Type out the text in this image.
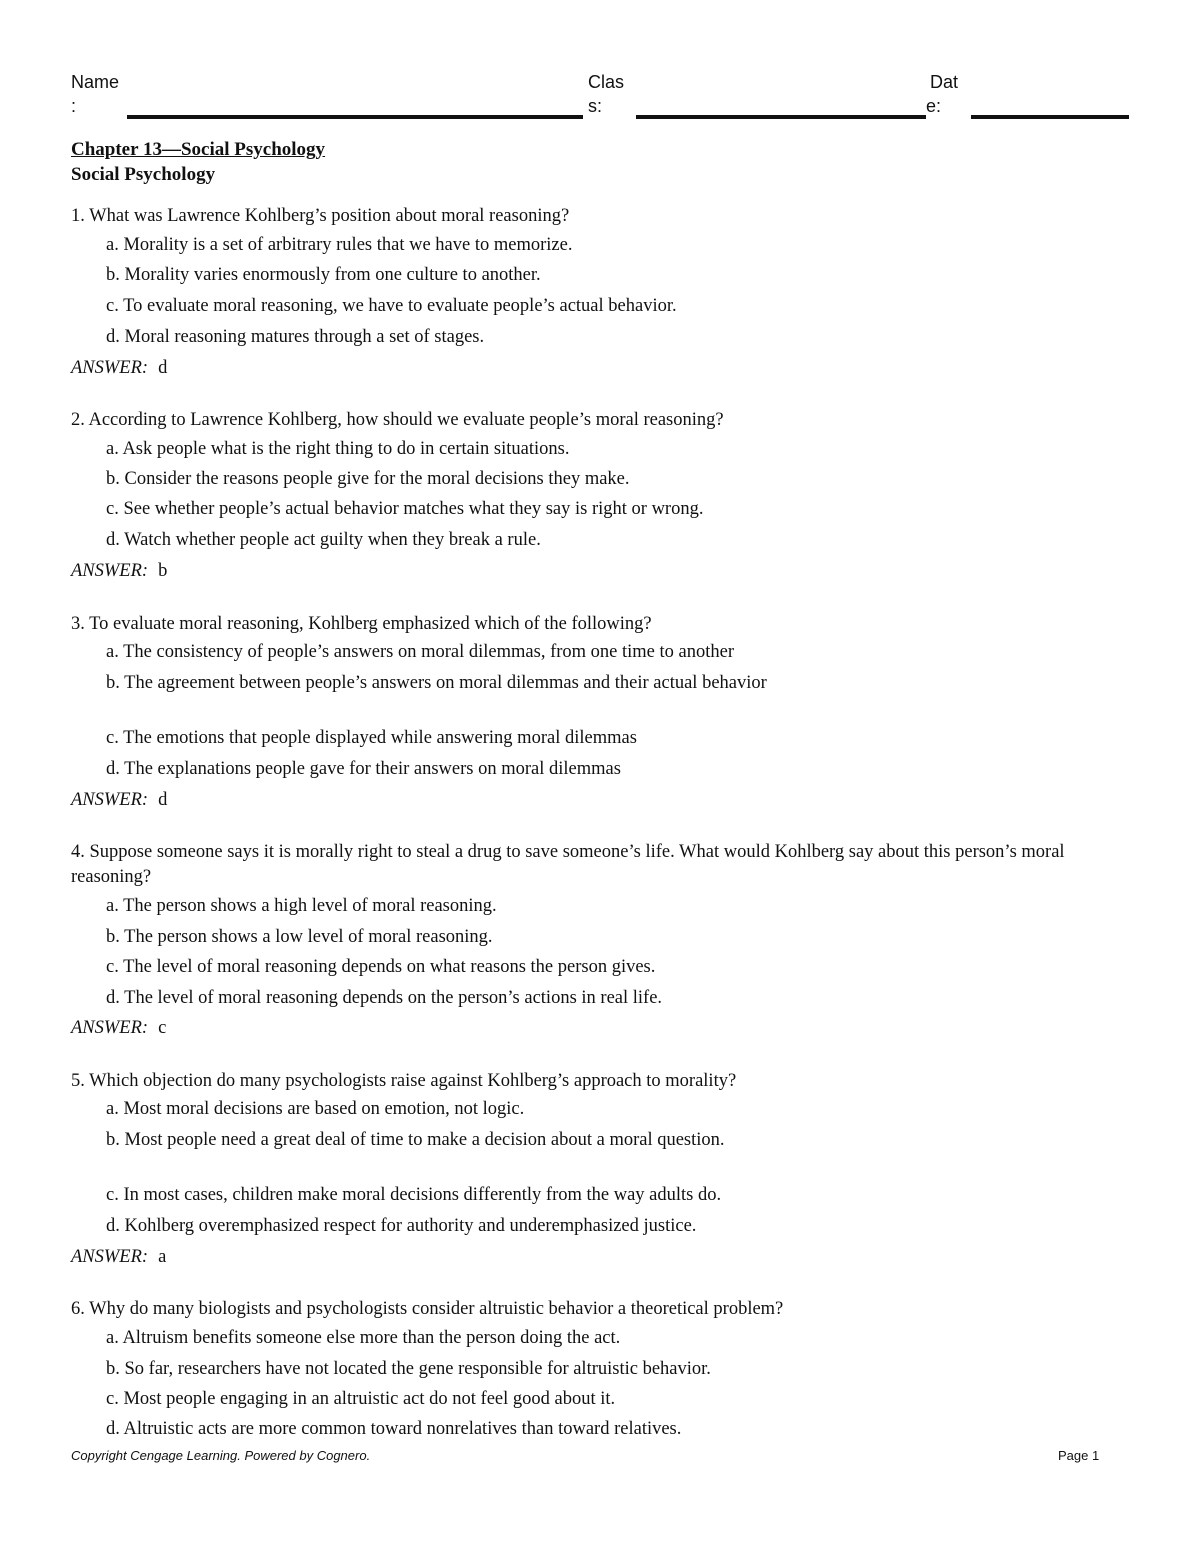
Name
:
Clas
s:
Dat
e:
Chapter 13—Social Psychology
Social Psychology
1. What was Lawrence Kohlberg’s position about moral reasoning?
a. Morality is a set of arbitrary rules that we have to memorize.
b. Morality varies enormously from one culture to another.
c. To evaluate moral reasoning, we have to evaluate people’s actual behavior.
d. Moral reasoning matures through a set of stages.
ANSWER: d
2. According to Lawrence Kohlberg, how should we evaluate people’s moral reasoning?
a. Ask people what is the right thing to do in certain situations.
b. Consider the reasons people give for the moral decisions they make.
c. See whether people’s actual behavior matches what they say is right or wrong.
d. Watch whether people act guilty when they break a rule.
ANSWER: b
3. To evaluate moral reasoning, Kohlberg emphasized which of the following?
a. The consistency of people’s answers on moral dilemmas, from one time to another
b. The agreement between people’s answers on moral dilemmas and their actual behavior
c. The emotions that people displayed while answering moral dilemmas
d. The explanations people gave for their answers on moral dilemmas
ANSWER: d
4. Suppose someone says it is morally right to steal a drug to save someone’s life. What would Kohlberg say about this person’s moral reasoning?
a. The person shows a high level of moral reasoning.
b. The person shows a low level of moral reasoning.
c. The level of moral reasoning depends on what reasons the person gives.
d. The level of moral reasoning depends on the person’s actions in real life.
ANSWER: c
5. Which objection do many psychologists raise against Kohlberg’s approach to morality?
a. Most moral decisions are based on emotion, not logic.
b. Most people need a great deal of time to make a decision about a moral question.
c. In most cases, children make moral decisions differently from the way adults do.
d. Kohlberg overemphasized respect for authority and underemphasized justice.
ANSWER: a
6. Why do many biologists and psychologists consider altruistic behavior a theoretical problem?
a. Altruism benefits someone else more than the person doing the act.
b. So far, researchers have not located the gene responsible for altruistic behavior.
c. Most people engaging in an altruistic act do not feel good about it.
d. Altruistic acts are more common toward nonrelatives than toward relatives.
Copyright Cengage Learning. Powered by Cognero.	Page 1
